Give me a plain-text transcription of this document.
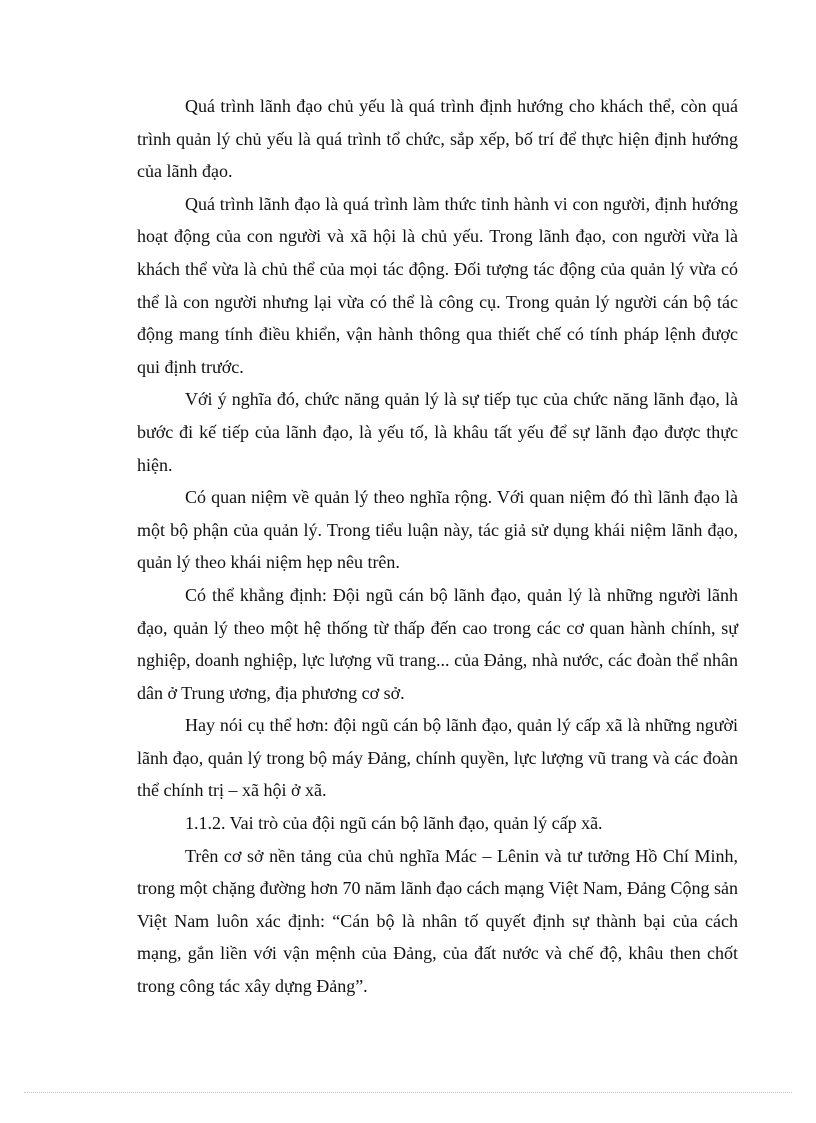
Quá trình lãnh đạo chủ yếu là quá trình định hướng cho khách thể, còn quá trình quản lý chủ yếu là quá trình tổ chức, sắp xếp, bố trí để thực hiện định hướng của lãnh đạo.

Quá trình lãnh đạo là quá trình làm thức tỉnh hành vi con người, định hướng hoạt động của con người và xã hội là chủ yếu. Trong lãnh đạo, con người vừa là khách thể vừa là chủ thể của mọi tác động. Đối tượng tác động của quản lý vừa có thể là con người nhưng lại vừa có thể là công cụ. Trong quản lý người cán bộ tác động mang tính điều khiển, vận hành thông qua thiết chế có tính pháp lệnh được qui định trước.

Với ý nghĩa đó, chức năng quản lý là sự tiếp tục của chức năng lãnh đạo, là bước đi kế tiếp của lãnh đạo, là yếu tố, là khâu tất yếu để sự lãnh đạo được thực hiện.

Có quan niệm về quản lý theo nghĩa rộng. Với quan niệm đó thì lãnh đạo là một bộ phận của quản lý. Trong tiểu luận này, tác giả sử dụng khái niệm lãnh đạo, quản lý theo khái niệm hẹp nêu trên.

Có thể khẳng định: Đội ngũ cán bộ lãnh đạo, quản lý là những người lãnh đạo, quản lý theo một hệ thống từ thấp đến cao trong các cơ quan hành chính, sự nghiệp, doanh nghiệp, lực lượng vũ trang... của Đảng, nhà nước, các đoàn thể nhân dân ở Trung ương, địa phương cơ sở.

Hay nói cụ thể hơn: đội ngũ cán bộ lãnh đạo, quản lý cấp xã là những người lãnh đạo, quản lý trong bộ máy Đảng, chính quyền, lực lượng vũ trang và các đoàn thể chính trị – xã hội ở xã.

1.1.2. Vai trò của đội ngũ cán bộ lãnh đạo, quản lý cấp xã.

Trên cơ sở nền tảng của chủ nghĩa Mác – Lênin và tư tưởng Hồ Chí Minh, trong một chặng đường hơn 70 năm lãnh đạo cách mạng Việt Nam, Đảng Cộng sản Việt Nam luôn xác định: “Cán bộ là nhân tố quyết định sự thành bại của cách mạng, gắn liền với vận mệnh của Đảng, của đất nước và chế độ, khâu then chốt trong công tác xây dựng Đảng”.
